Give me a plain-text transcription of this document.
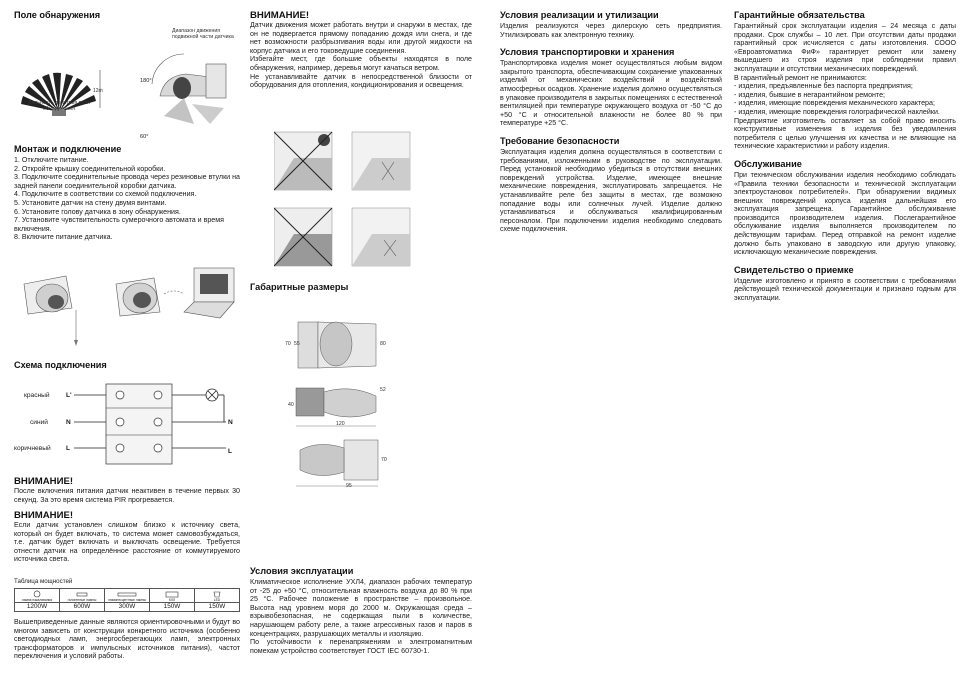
Поле обнаружения
12m
180°
60°
Диапазон движения подвижной части датчика
Дальность действия поля обнаружения
Монтаж и подключение
1. Отключите питание.
2. Откройте крышку соединительной коробки.
3. Подключите соединительные провода через резиновые втулки на задней панели соединительной коробки датчика.
4. Подключите в соответствии со схемой подключения.
5. Установите датчик на стену двумя винтами.
6. Установите голову датчика в зону обнаружения.
7. Установите чувствительность сумерочного автомата и время включения.
8. Включите питание датчика.
Схема подключения
красный L'
синий	N
коричневый L
N
L
ВНИМАНИЕ!

После включения питания датчик неактивен в течение первых 30 секунд. За это время система PIR прогревается.

ВНИМАНИЕ!

Если датчик установлен слишком близко к источнику света, который он будет включать, то система может самовозбуждаться, т.е. датчик будет включать и выключать освещение. Требуется отнести датчик на определённое расстояние от коммутируемого источника света.

Таблица мощностей
лампа накаливания
1200W
галогенные лампы
600W
люминесцентные лампы
300W
КЛЛ
150W
LED
150W

Вышеприведенные данные являются ориентировочными и будут во многом зависеть от конструкции конкретного источника (особенно светодиодных ламп, энергосберегающих ламп, электронных трансформаторов и импульсных источников питания), частот переключения и условий работы.

ВНИМАНИЕ!

Датчик движения может работать внутри и снаружи в местах, где он не подвергается прямому попаданию дождя или снега, и где нет возможности разбрызгивания воды или другой жидкости на корпус датчика и его токоведущие соединения.

Избегайте мест, где большие объекты находятся в поле обнаружения, например, деревья могут качаться ветром.

Не устанавливайте датчик в непосредственной близости от оборудования для отопления, кондиционирования и освещения.

Габаритные размеры
70 55	80
40
52
120
70
95
Условия эксплуатации

Климатическое исполнение УХЛ4, диапазон рабочих температур от -25 до +50 °С, относительная влажность воздуха до 80 % при 25 °С. Рабочее положение в пространстве – произвольное. Высота над уровнем моря до 2000 м. Окружающая среда – взрывобезопасная, не содержащая пыли в количестве, нарушающем работу реле, а также агрессивных газов и паров в концентрациях, разрушающих металлы и изоляцию.

По устойчивости к перенапряжениям и электромагнитным помехам устройство соответствует ГОСТ IEC 60730-1.

Условия реализации и утилизации

Изделия реализуются через дилерскую сеть предприятия. Утилизировать как электронную технику.

Условия транспортировки и хранения

Транспортировка изделия может осуществляться любым видом закрытого транспорта, обеспечивающим сохранение упакованных изделий от механических воздействий и воздействий атмосферных осадков. Хранение изделия должно осуществляться в упаковке производителя в закрытых помещениях с естественной вентиляцией при температуре окружающего воздуха от -50 °С до +50 °С и относительной влажности не более 80 % при температуре +25 °С.

Требование безопасности

Эксплуатация изделия должна осуществляться в соответствии с требованиями, изложенными в руководстве по эксплуатации. Перед установкой необходимо убедиться в отсутствии внешних повреждений устройства. Изделие, имеющее внешние механические повреждения, эксплуатировать запрещается. Не устанавливайте реле без защиты в местах, где возможно попадание воды или солнечных лучей. Изделие должно устанавливаться и обслуживаться квалифицированным персоналом. При подключении изделия необходимо следовать схеме подключения.

Гарантийные обязательства

Гарантийный срок эксплуатации изделия – 24 месяца с даты продажи. Срок службы – 10 лет. При отсутствии даты продажи гарантийный срок исчисляется с даты изготовления. СООО «Евроавтоматика ФиФ» гарантирует ремонт или замену вышедшего из строя изделия при соблюдении правил эксплуатации и отсутствии механических повреждений.

В гарантийный ремонт не принимаются:

- изделия, предъявленные без паспорта предприятия;
- изделия, бывшие в негарантийном ремонте;
- изделия, имеющие повреждения механического характера;
- изделия, имеющие повреждения голографической наклейки.

Предприятие изготовитель оставляет за собой право вносить конструктивные изменения в изделия без уведомления потребителя с целью улучшения их качества и не влияющие на технические характеристики и работу изделия.

Обслуживание

При техническом обслуживании изделия необходимо соблюдать «Правила техники безопасности и технической эксплуатации электроустановок потребителей». При обнаружении видимых внешних повреждений корпуса изделия дальнейшая его эксплуатация запрещена. Гарантийное обслуживание производится производителем изделия. Послегарантийное обслуживание изделия выполняется производителем по действующим тарифам. Перед отправкой на ремонт изделие должно быть упаковано в заводскую или другую упаковку, исключающую механические повреждения.

Свидетельство о приемке

Изделие изготовлено и принято в соответствии с требованиями действующей технической документации и признано годным для эксплуатации.
